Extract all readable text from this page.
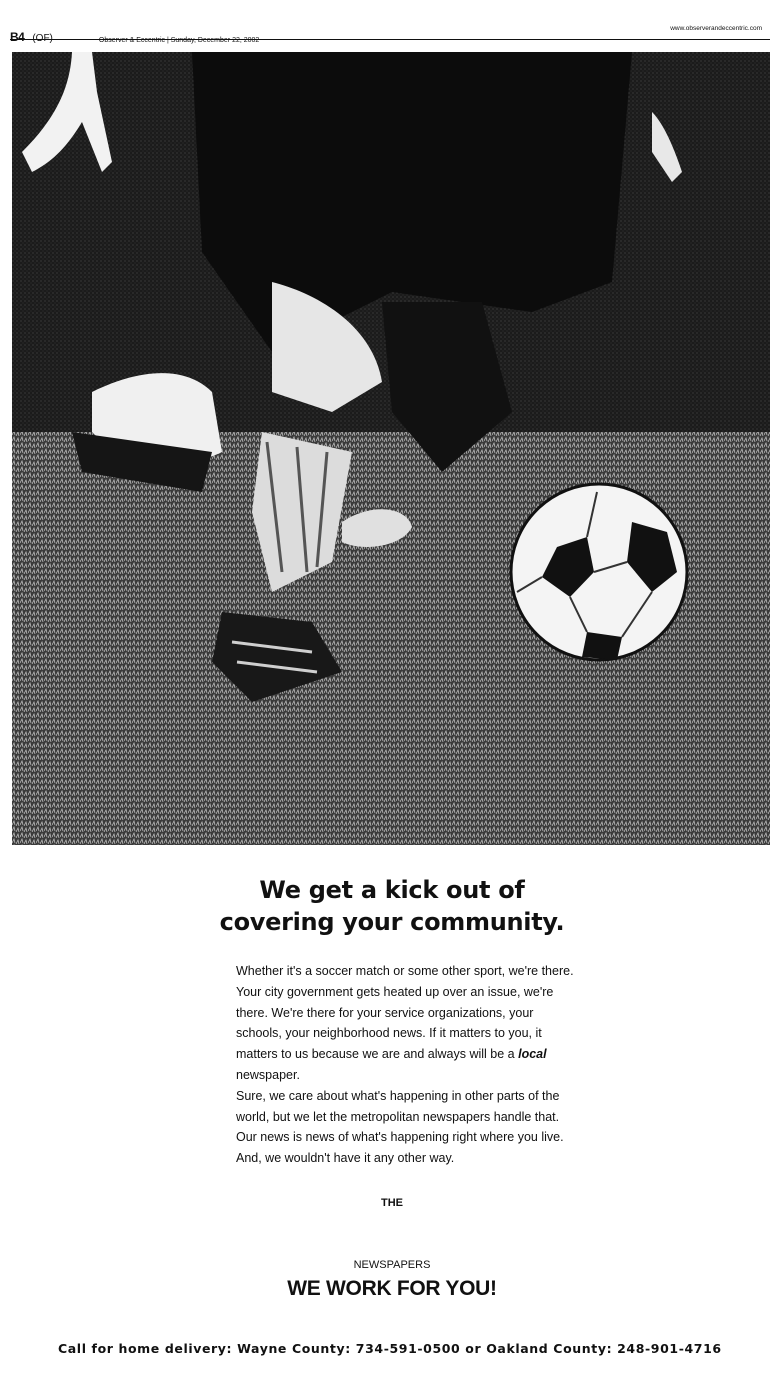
B4 (OF)	Observer & Eccentric | Sunday, December 22, 2002
www.observerandeccentric.com
We get a kick out of
covering your community.

Whether it's a soccer match or some other sport, we're there. Your city government gets heated up over an issue, we're there. We're there for your service organizations, your schools, your neighborhood news. If it matters to you, it matters to us because we are and always will be a local newspaper.

Sure, we care about what's happening in other parts of the world, but we let the metropolitan newspapers handle that. Our news is news of what's happening right where you live.

And, we wouldn't have it any other way.

THE
NEWSPAPERS
WE WORK FOR YOU!
Call for home delivery: Wayne County: 734-591-0500 or Oakland County: 248-901-4716
